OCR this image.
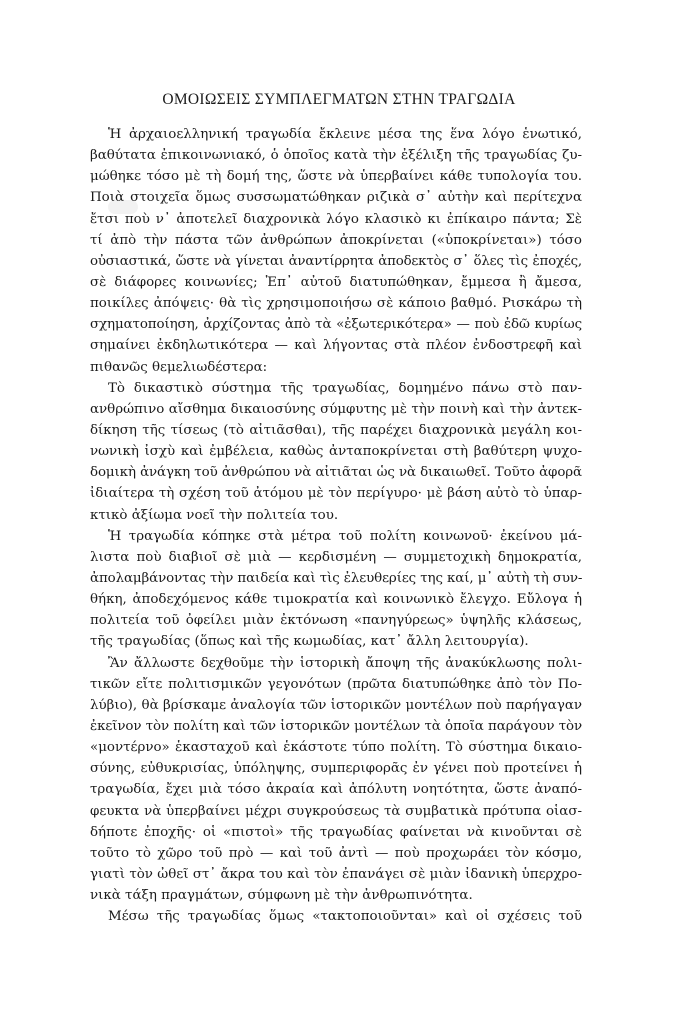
ΟΜΟΙΩΣΕΙΣ ΣΥΜΠΛΕΓΜΑΤΩΝ ΣΤΗΝ ΤΡΑΓΩΔΙΑ
Ἡ ἀρχαιοελληνική τραγωδία ἔκλεινε μέσα της ἕνα λόγο ἑνωτικό,
βαθύτατα ἐπικοινωνιακό, ὁ ὁποῖος κατὰ τὴν ἐξέλιξη τῆς τραγωδίας ζυ-
μώθηκε τόσο μὲ τὴ δομή της, ὥστε νὰ ὑπερβαίνει κάθε τυπολογία του.
Ποιὰ στοιχεῖα ὅμως συσσωματώθηκαν ριζικὰ σ᾽ αὐτὴν καὶ περίτεχνα
ἔτσι ποὺ ν᾽ ἀποτελεῖ διαχρονικὰ λόγο κλασικὸ κι ἐπίκαιρο πάντα; Σὲ
τί ἀπὸ τὴν πάστα τῶν ἀνθρώπων ἀποκρίνεται («ὑποκρίνεται») τόσο
οὐσιαστικά, ὥστε νὰ γίνεται ἀναντίρρητα ἀποδεκτὸς σ᾽ ὅλες τὶς ἐποχές,
σὲ διάφορες κοινωνίες; Ἐπ᾽ αὐτοῦ διατυπώθηκαν, ἔμμεσα ἢ ἄμεσα,
ποικίλες ἀπόψεις· θὰ τὶς χρησιμοποιήσω σὲ κάποιο βαθμό. Ρισκάρω τὴ
σχηματοποίηση, ἀρχίζοντας ἀπὸ τὰ «ἐξωτερικότερα» — ποὺ ἐδῶ κυρίως
σημαίνει ἐκδηλωτικότερα — καὶ λήγοντας στὰ πλέον ἐνδοστρεφῆ καὶ
πιθανῶς θεμελιωδέστερα:
Τὸ δικαστικὸ σύστημα τῆς τραγωδίας, δομημένο πάνω στὸ παν-
ανθρώπινο αἴσθημα δικαιοσύνης σύμφυτης μὲ τὴν ποινὴ καὶ τὴν ἀντεκ-
δίκηση τῆς τίσεως (τὸ αἰτιᾶσθαι), τῆς παρέχει διαχρονικὰ μεγάλη κοι-
νωνικὴ ἰσχὺ καὶ ἐμβέλεια, καθὼς ἀνταποκρίνεται στὴ βαθύτερη ψυχο-
δομικὴ ἀνάγκη τοῦ ἀνθρώπου νὰ αἰτιᾶται ὡς νὰ δικαιωθεῖ. Τοῦτο ἀφορᾶ
ἰδιαίτερα τὴ σχέση τοῦ ἀτόμου μὲ τὸν περίγυρο· μὲ βάση αὐτὸ τὸ ὑπαρ-
κτικὸ ἀξίωμα νοεῖ τὴν πολιτεία του.
Ἡ τραγωδία κόπηκε στὰ μέτρα τοῦ πολίτη κοινωνοῦ· ἐκείνου μά-
λιστα ποὺ διαβιοῖ σὲ μιὰ — κερδισμένη — συμμετοχικὴ δημοκρατία,
ἀπολαμβάνοντας τὴν παιδεία καὶ τὶς ἐλευθερίες της καί, μ᾽ αὐτὴ τὴ συν-
θήκη, ἀποδεχόμενος κάθε τιμοκρατία καὶ κοινωνικὸ ἔλεγχο. Εὔλογα ἡ
πολιτεία τοῦ ὀφείλει μιὰν ἐκτόνωση «πανηγύρεως» ὑψηλῆς κλάσεως,
τῆς τραγωδίας (ὅπως καὶ τῆς κωμωδίας, κατ᾽ ἄλλη λειτουργία).
Ἂν ἄλλωστε δεχθοῦμε τὴν ἱστορικὴ ἄποψη τῆς ἀνακύκλωσης πολι-
τικῶν εἴτε πολιτισμικῶν γεγονότων (πρῶτα διατυπώθηκε ἀπὸ τὸν Πο-
λύβιο), θὰ βρίσκαμε ἀναλογία τῶν ἱστορικῶν μοντέλων ποὺ παρήγαγαν
ἐκεῖνον τὸν πολίτη καὶ τῶν ἱστορικῶν μοντέλων τὰ ὁποῖα παράγουν τὸν
«μοντέρνο» ἑκασταχοῦ καὶ ἑκάστοτε τύπο πολίτη. Τὸ σύστημα δικαιο-
σύνης, εὐθυκρισίας, ὑπόληψης, συμπεριφορᾶς ἐν γένει ποὺ προτείνει ἡ
τραγωδία, ἔχει μιὰ τόσο ἀκραία καὶ ἀπόλυτη νοητότητα, ὥστε ἀναπό-
φευκτα νὰ ὑπερβαίνει μέχρι συγκρούσεως τὰ συμβατικὰ πρότυπα οἱασ-
δήποτε ἐποχῆς· οἱ «πιστοὶ» τῆς τραγωδίας φαίνεται νὰ κινοῦνται σὲ
τοῦτο τὸ χῶρο τοῦ πρὸ — καὶ τοῦ ἀντὶ — ποὺ προχωράει τὸν κόσμο,
γιατὶ τὸν ὠθεῖ στ᾽ ἄκρα του καὶ τὸν ἐπανάγει σὲ μιὰν ἰδανικὴ ὑπερχρο-
νικὰ τάξη πραγμάτων, σύμφωνη μὲ τὴν ἀνθρωπινότητα.
Μέσω τῆς τραγωδίας ὅμως «τακτοποιοῦνται» καὶ οἱ σχέσεις τοῦ
